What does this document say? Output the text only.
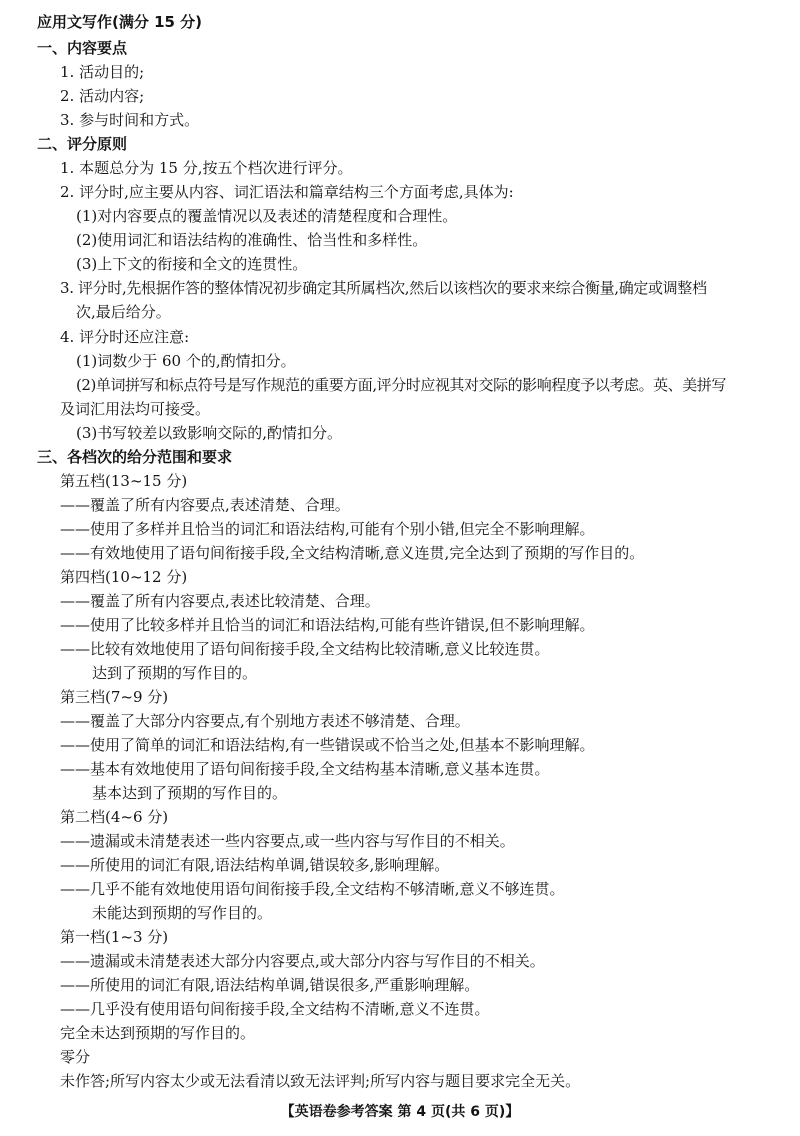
应用文写作(满分 15 分)
一、内容要点
1. 活动目的;
2. 活动内容;
3. 参与时间和方式。
二、评分原则
1. 本题总分为 15 分,按五个档次进行评分。
2. 评分时,应主要从内容、词汇语法和篇章结构三个方面考虑,具体为:
(1)对内容要点的覆盖情况以及表述的清楚程度和合理性。
(2)使用词汇和语法结构的准确性、恰当性和多样性。
(3)上下文的衔接和全文的连贯性。
3. 评分时,先根据作答的整体情况初步确定其所属档次,然后以该档次的要求来综合衡量,确定或调整档
次,最后给分。
4. 评分时还应注意:
(1)词数少于 60 个的,酌情扣分。
(2)单词拼写和标点符号是写作规范的重要方面,评分时应视其对交际的影响程度予以考虑。英、美拼写
及词汇用法均可接受。
(3)书写较差以致影响交际的,酌情扣分。
三、各档次的给分范围和要求
第五档(13~15 分)
——覆盖了所有内容要点,表述清楚、合理。
——使用了多样并且恰当的词汇和语法结构,可能有个别小错,但完全不影响理解。
——有效地使用了语句间衔接手段,全文结构清晰,意义连贯,完全达到了预期的写作目的。
第四档(10~12 分)
——覆盖了所有内容要点,表述比较清楚、合理。
——使用了比较多样并且恰当的词汇和语法结构,可能有些许错误,但不影响理解。
——比较有效地使用了语句间衔接手段,全文结构比较清晰,意义比较连贯。
达到了预期的写作目的。
第三档(7~9 分)
——覆盖了大部分内容要点,有个别地方表述不够清楚、合理。
——使用了简单的词汇和语法结构,有一些错误或不恰当之处,但基本不影响理解。
——基本有效地使用了语句间衔接手段,全文结构基本清晰,意义基本连贯。
基本达到了预期的写作目的。
第二档(4~6 分)
——遗漏或未清楚表述一些内容要点,或一些内容与写作目的不相关。
——所使用的词汇有限,语法结构单调,错误较多,影响理解。
——几乎不能有效地使用语句间衔接手段,全文结构不够清晰,意义不够连贯。
未能达到预期的写作目的。
第一档(1~3 分)
——遗漏或未清楚表述大部分内容要点,或大部分内容与写作目的不相关。
——所使用的词汇有限,语法结构单调,错误很多,严重影响理解。
——几乎没有使用语句间衔接手段,全文结构不清晰,意义不连贯。
完全未达到预期的写作目的。
零分
未作答;所写内容太少或无法看清以致无法评判;所写内容与题目要求完全无关。
【英语卷参考答案 第 4 页(共 6 页)】
